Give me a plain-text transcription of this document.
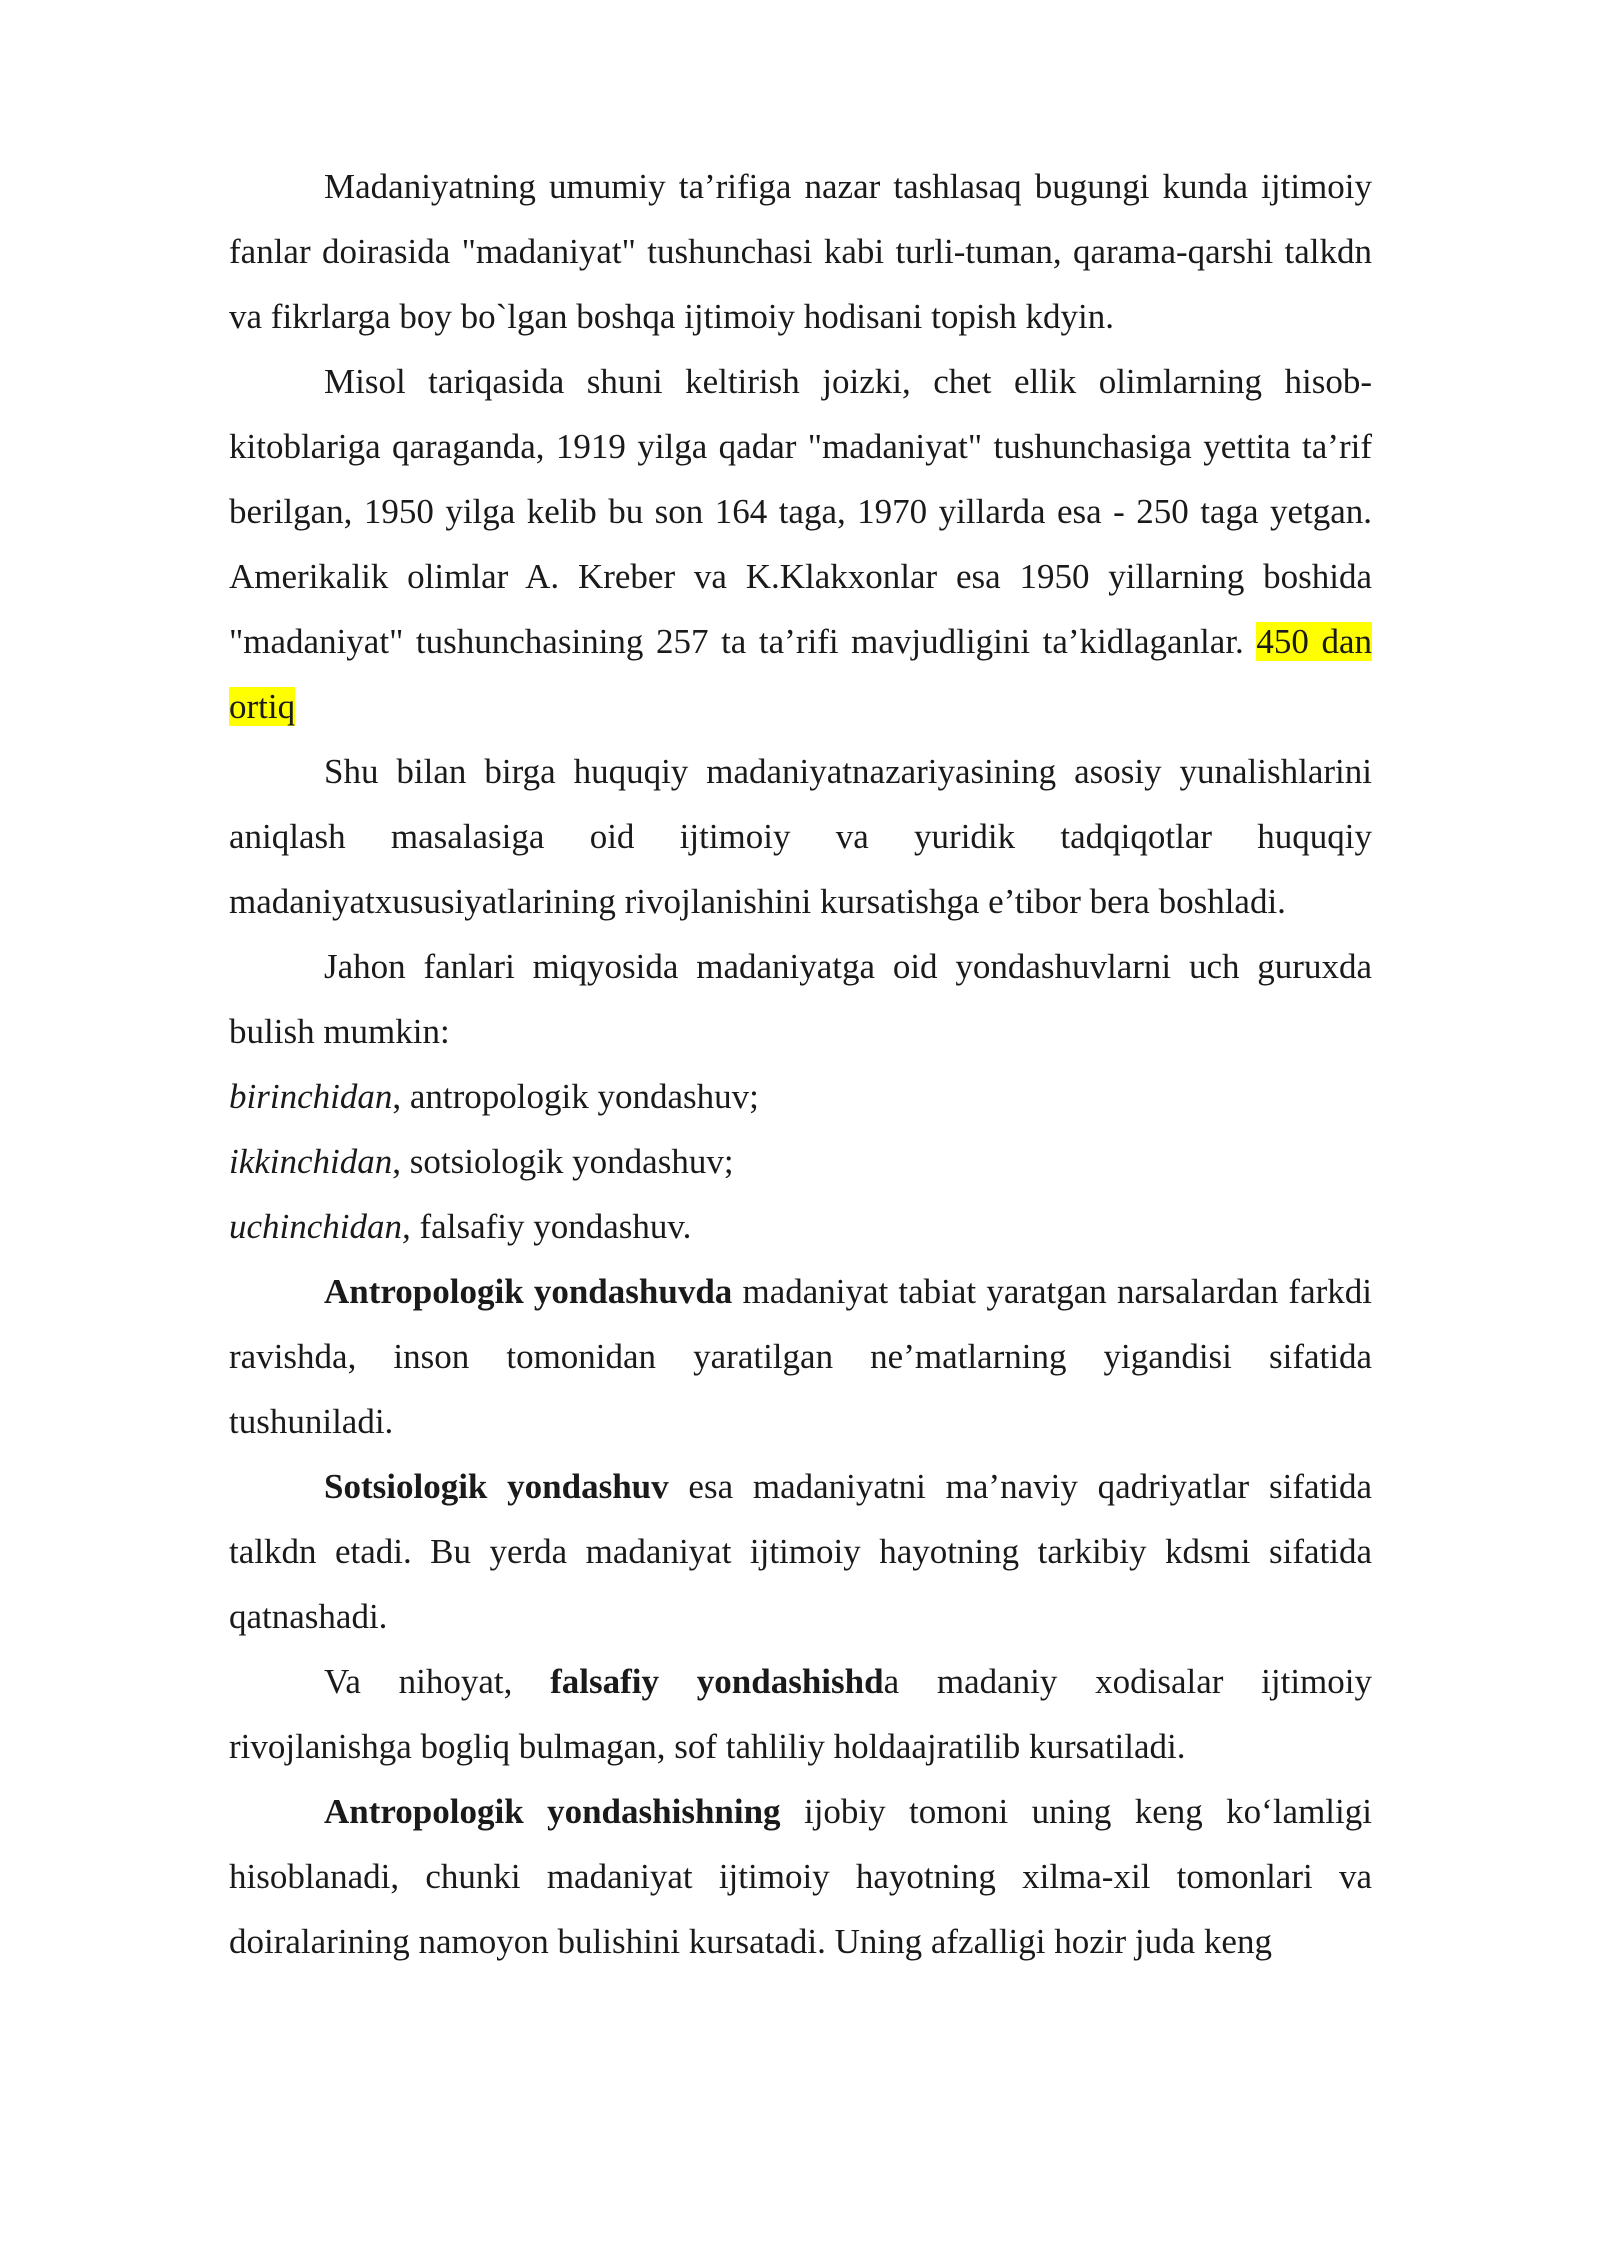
Madaniyatning umumiy ta’rifiga nazar tashlasaq bugungi kunda ijtimoiy fanlar doirasida "madaniyat" tushunchasi kabi turli-tuman, qarama-qarshi talkdn va fikrlarga boy bo`lgan boshqa ijtimoiy hodisani topish kdyin.

Misol tariqasida shuni keltirish joizki, chet ellik olimlarning hisob-kitoblariga qaraganda, 1919 yilga qadar "madaniyat" tushunchasiga yettita ta’rif berilgan, 1950 yilga kelib bu son 164 taga, 1970 yillarda esa - 250 taga yetgan. Amerikalik olimlar A. Kreber va K.Klakxonlar esa 1950 yillarning boshida "madaniyat" tushunchasining 257 ta ta’rifi mavjudligini ta’kidlaganlar. 450 dan ortiq

Shu bilan birga huquqiy madaniyatnazariyasining asosiy yunalishlarini aniqlash masalasiga oid ijtimoiy va yuridik tadqiqotlar huquqiy madaniyatxususiyatlarining rivojlanishini kursatishga e’tibor bera boshladi.

Jahon fanlari miqyosida madaniyatga oid yondashuvlarni uch guruxda bulish mumkin:

birinchidan, antropologik yondashuv;

ikkinchidan, sotsiologik yondashuv;

uchinchidan, falsafiy yondashuv.

Antropologik yondashuvda madaniyat tabiat yaratgan narsalardan farkdi ravishda, inson tomonidan yaratilgan ne’matlarning yigandisi sifatida tushuniladi.

Sotsiologik yondashuv esa madaniyatni ma’naviy qadriyatlar sifatida talkdn etadi. Bu yerda madaniyat ijtimoiy hayotning tarkibiy kdsmi sifatida qatnashadi.

Va nihoyat, falsafiy yondashishda madaniy xodisalar ijtimoiy rivojlanishga bogliq bulmagan, sof tahliliy holdaajratilib kursatiladi.

Antropologik yondashishning ijobiy tomoni uning keng ko‘lamligi hisoblanadi, chunki madaniyat ijtimoiy hayotning xilma-xil tomonlari va doiralarining namoyon bulishini kursatadi. Uning afzalligi hozir juda keng
